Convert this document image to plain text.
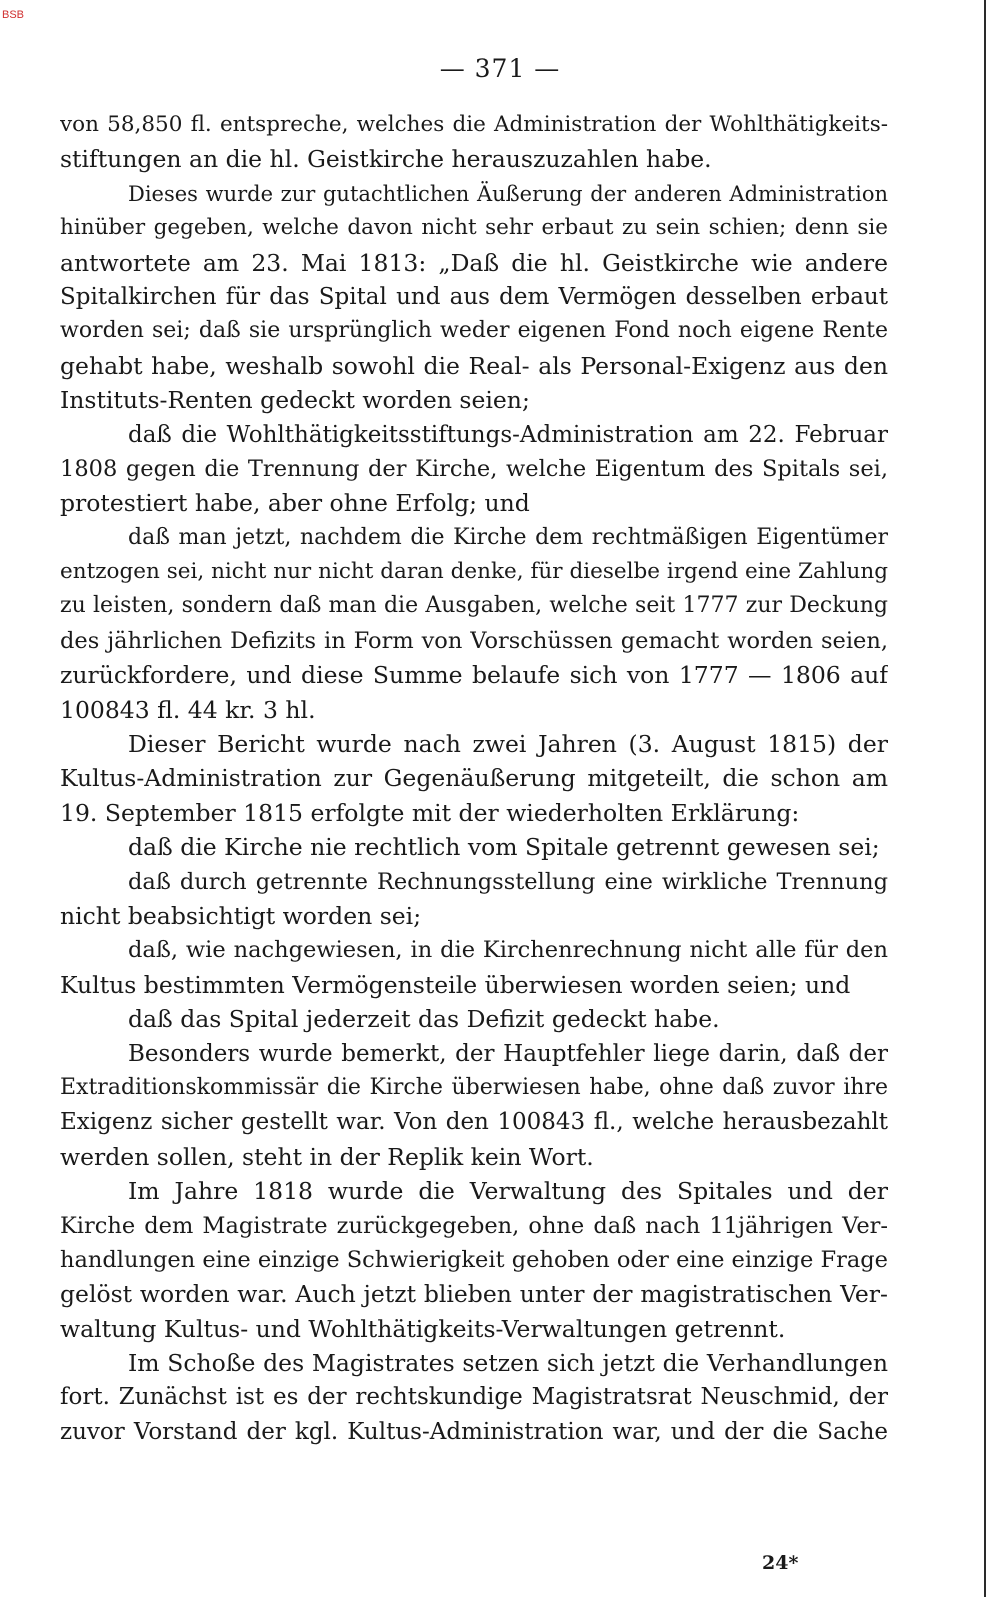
BSB
— 371 —
von 58,850 fl. entspreche, welches die Administration der Wohlthätigkeits-
stiftungen an die hl. Geistkirche herauszuzahlen habe.
Dieses wurde zur gutachtlichen Äußerung der anderen Administration
hinüber gegeben, welche davon nicht sehr erbaut zu sein schien; denn sie
antwortete am 23. Mai 1813: „Daß die hl. Geistkirche wie andere
Spitalkirchen für das Spital und aus dem Vermögen desselben erbaut
worden sei; daß sie ursprünglich weder eigenen Fond noch eigene Rente
gehabt habe, weshalb sowohl die Real- als Personal-Exigenz aus den
Instituts-Renten gedeckt worden seien;
daß die Wohlthätigkeitsstiftungs-Administration am 22. Februar
1808 gegen die Trennung der Kirche, welche Eigentum des Spitals sei,
protestiert habe, aber ohne Erfolg; und
daß man jetzt, nachdem die Kirche dem rechtmäßigen Eigentümer
entzogen sei, nicht nur nicht daran denke, für dieselbe irgend eine Zahlung
zu leisten, sondern daß man die Ausgaben, welche seit 1777 zur Deckung
des jährlichen Defizits in Form von Vorschüssen gemacht worden seien,
zurückfordere, und diese Summe belaufe sich von 1777 — 1806 auf
100843 fl. 44 kr. 3 hl.
Dieser Bericht wurde nach zwei Jahren (3. August 1815) der
Kultus-Administration zur Gegenäußerung mitgeteilt, die schon am
19. September 1815 erfolgte mit der wiederholten Erklärung:
daß die Kirche nie rechtlich vom Spitale getrennt gewesen sei;
daß durch getrennte Rechnungsstellung eine wirkliche Trennung
nicht beabsichtigt worden sei;
daß, wie nachgewiesen, in die Kirchenrechnung nicht alle für den
Kultus bestimmten Vermögensteile überwiesen worden seien; und
daß das Spital jederzeit das Defizit gedeckt habe.
Besonders wurde bemerkt, der Hauptfehler liege darin, daß der
Extraditionskommissär die Kirche überwiesen habe, ohne daß zuvor ihre
Exigenz sicher gestellt war. Von den 100843 fl., welche herausbezahlt
werden sollen, steht in der Replik kein Wort.
Im Jahre 1818 wurde die Verwaltung des Spitales und der
Kirche dem Magistrate zurückgegeben, ohne daß nach 11jährigen Ver-
handlungen eine einzige Schwierigkeit gehoben oder eine einzige Frage
gelöst worden war. Auch jetzt blieben unter der magistratischen Ver-
waltung Kultus- und Wohlthätigkeits-Verwaltungen getrennt.
Im Schoße des Magistrates setzen sich jetzt die Verhandlungen
fort. Zunächst ist es der rechtskundige Magistratsrat Neuschmid, der
zuvor Vorstand der kgl. Kultus-Administration war, und der die Sache
24*
